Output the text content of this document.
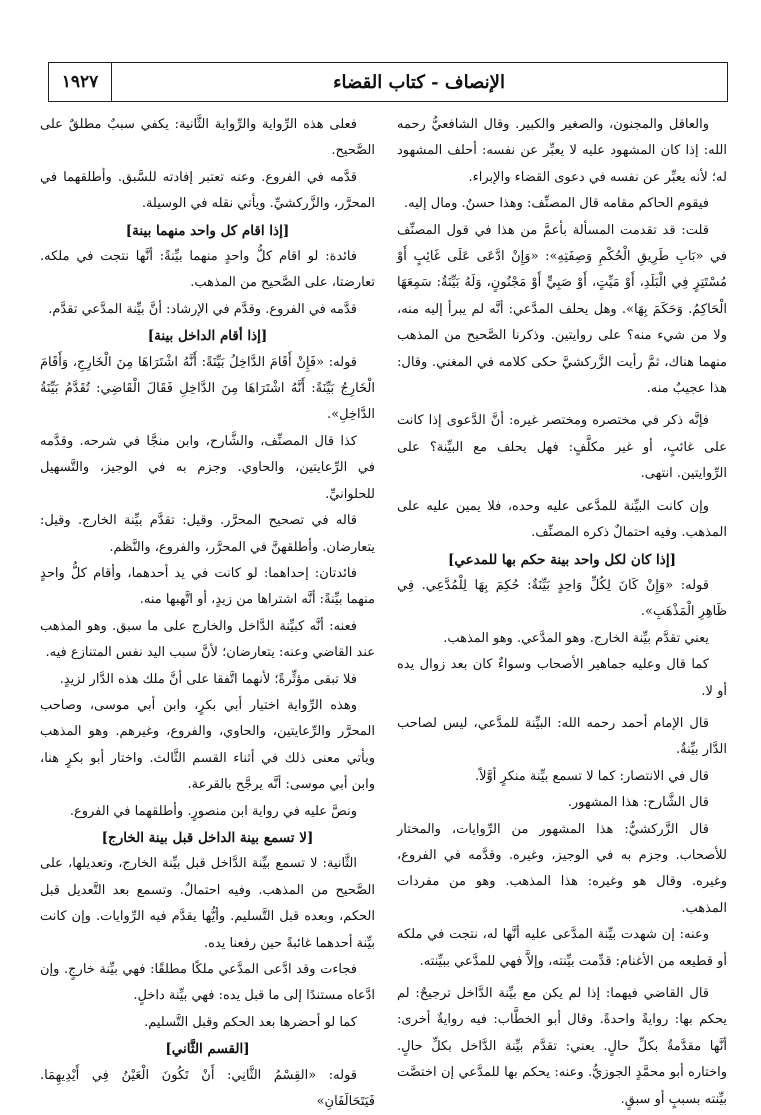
١٩٢٧	الإنصاف - كتاب القضاء

والعاقل والمجنون، والصغير والكبير. وقال الشافعيُّ رحمه الله: إذا كان المشهود عليه لا يعبِّر عن نفسه: أحلف المشهود له؛ لأنه يعبِّر عن نفسه في دعوى القضاء والإبراء.

فيقوم الحاكم مقامه قال المصنِّف: وهذا حسنٌ. ومال إليه.

قلت: قد تقدمت المسألة بأعمَّ من هذا في قول المصنِّف في «بَابِ طَرِيقِ الْحُكْمِ وَصِفَتِهِ»: «وَإِنْ ادَّعَى عَلَى غَائِبٍ أَوْ مُسْتَتِرٍ فِي الْبَلَدِ، أَوْ مَيِّتٍ، أَوْ صَبِيٍّ أَوْ مَجْنُونٍ، وَلَهُ بَيِّنَةٌ: سَمِعَهَا الْحَاكِمُ. وَحَكَمَ بِهَا». وهل يحلف المدَّعي: أنَّه لم يبرأ إليه منه، ولا من شيء منه؟ على روايتين. وذكرنا الصَّحيح من المذهب منهما هناك، ثمَّ رأيت الزَّركشيَّ حكى كلامه في المغني. وقال: هذا عجيبٌ منه.

فإنَّه ذكر في مختصره ومختصر غيره: أنَّ الدَّعوى إذا كانت على غائبٍ، أو غير مكلَّفٍ: فهل يحلف مع البيِّنة؟ على الرِّوايتين. انتهى.

وإن كانت البيِّنة للمدَّعى عليه وحده، فلا يمين عليه على المذهب. وفيه احتمالٌ ذكره المصنِّف.

[إذا كان لكل واحد بينة حكم بها للمدعي]

قوله: «وَإِنْ كَانَ لِكُلِّ وَاحِدٍ بَيِّنَةٌ: حُكِمَ بِهَا لِلْمُدَّعِي. فِي ظَاهِرِ الْمَذْهَبِ».

يعني تقدَّم بيِّنة الخارج. وهو المدَّعي. وهو المذهب.

كما قال وعليه جماهير الأصحاب وسواءٌ كان بعد زوال يده أو لا.

قال الإمام أحمد رحمه الله: البيِّنة للمدَّعي، ليس لصاحب الدَّار بيِّنةٌ.

قال في الانتصار: كما لا تسمع بيِّنة منكرٍ أوَّلاً.

قال الشَّارح: هذا المشهور.

قال الزَّركشيُّ: هذا المشهور من الرِّوايات، والمختار للأصحاب. وجزم به في الوجيز، وغيره. وقدَّمه في الفروع، وغيره. وقال هو وغيره: هذا المذهب. وهو من مفردات المذهب.

وعنه: إن شهدت بيِّنة المدَّعى عليه أنَّها له، نتجت في ملكه أو قطيعه من الأغنام: قدِّمت بيِّنته، وإلاَّ فهي للمدَّعي ببيِّنته.

قال القاضي فيهما: إذا لم يكن مع بيِّنة الدَّاخل ترجيحٌ: لم يحكم بها: روايةً واحدةً. وقال أبو الخطَّاب: فيه روايةٌ أخرى: أنَّها مقدَّمةٌ بكلِّ حالٍ. يعني: تقدَّم بيِّنة الدَّاخل بكلِّ حالٍ. واختاره أبو محمَّدٍ الجوزيُّ. وعنه: يحكم بها للمدَّعي إن اختصَّت بيِّنته بسببٍ أو سبقٍ.

فعلى هذه الرِّواية والرِّواية الثَّانية: يكفي سببٌ مطلقٌ على الصَّحيح.

قدَّمه في الفروع. وعنه تعتبر إفادته للسَّبق. وأطلقهما في المحرَّر، والزَّركشيِّ. ويأتي نقله في الوسيلة.

[إذا اقام كل واحد منهما بينة]

فائدة: لو اقام كلُّ واحدٍ منهما بيِّنةً: أنَّها نتجت في ملكه. تعارضتا، على الصَّحيح من المذهب.

قدَّمه في الفروع. وقدَّم في الإرشاد: أنَّ بيِّنة المدَّعي تقدَّم.

[إذا أقام الداخل بينة]

قوله: «فَإِنْ أَقَامَ الدَّاخِلُ بَيِّنَةً: أَنَّهُ اشْتَرَاهَا مِنَ الْخَارِجِ، وَأَقَامَ الْخَارِجُ بَيِّنَةً: أَنَّهُ اشْتَرَاهَا مِنَ الدَّاخِلِ فَقَالَ الْقَاضِي: تُقَدَّمُ بَيِّنَةُ الدَّاخِلِ».

كذا قال المصنِّف، والشَّارح، وابن منجَّا في شرحه. وقدَّمه في الرِّعايتين، والحاوي. وجزم به في الوجيز، والتَّسهيل للحلوانيِّ.

قاله في تصحيح المحرَّر. وقيل: تقدَّم بيِّنة الخارج. وقيل: يتعارضان. وأطلقهنَّ في المحرَّر، والفروع، والنَّظم.

فائدتان: إحداهما: لو كانت في يد أحدهما، وأقام كلُّ واحدٍ منهما بيِّنةً: أنَّه اشتراها من زيدٍ، أو اتَّهبها منه.

فعنه: أنَّه كبيِّنة الدَّاخل والخارج على ما سبق. وهو المذهب عند القاضي وعنه: يتعارضان؛ لأنَّ سبب اليد نفس المتنازع فيه.

فلا تبقى مؤثِّرةً؛ لأنهما اتَّفقا على أنَّ ملك هذه الدَّار لزيدٍ.

وهذه الرِّواية اختيار أبي بكرٍ، وابن أبي موسى، وصاحب المحرَّر والرِّعايتين، والحاوي، والفروع، وغيرهم. وهو المذهب ويأتي معنى ذلك في أثناء القسم الثَّالث. واختار أبو بكرٍ هنا، وابن أبي موسى: أنَّه يرجَّح بالقرعة.

ونصَّ عليه في رواية ابن منصورٍ. وأطلقهما في الفروع.

[لا تسمع بينة الداخل قبل بينة الخارج]

الثَّانية: لا تسمع بيِّنة الدَّاخل قبل بيِّنة الخارج، وتعديلها، على الصَّحيح من المذهب. وفيه احتمالٌ. وتسمع بعد التَّعديل قبل الحكم، وبعده قبل التَّسليم. وأيُّها يقدَّم فيه الرِّوايات. وإن كانت بيِّنة أحدهما غائبةً حين رفعنا يده.

فجاءت وقد ادَّعى المدَّعي ملكًا مطلقًا: فهي بيِّنة خارجٍ. وإن ادَّعاه مستندًا إلى ما قبل يده: فهي بيِّنة داخلٍ.

كما لو أحضرها بعد الحكم وقبل التَّسليم.

[القسم الثَّاني]

قوله: «القِسْمُ الثَّانِي: أَنْ تَكُونَ الْعَيْنُ فِي أَيْدِيهِمَا. فَيَتَحَالَفَانِ»
